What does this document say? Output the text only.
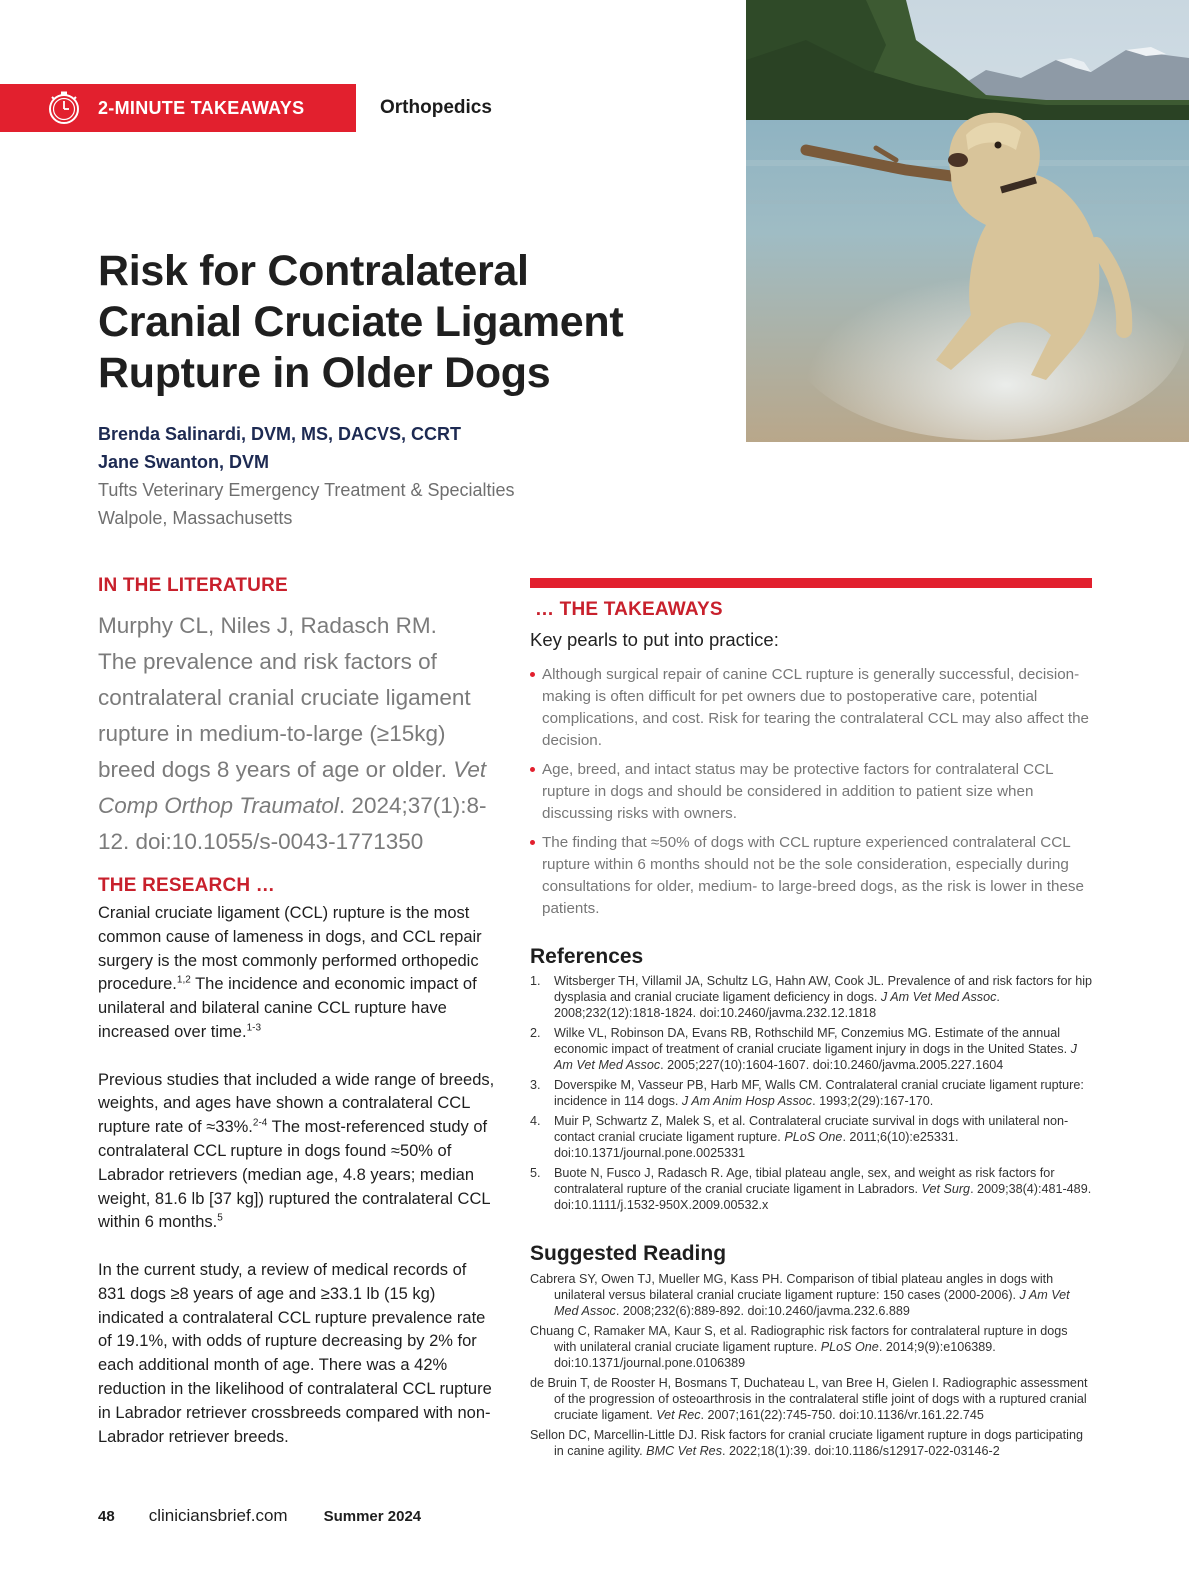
2-MINUTE TAKEAWAYS	Orthopedics
Risk for Contralateral Cranial Cruciate Ligament Rupture in Older Dogs
Brenda Salinardi, DVM, MS, DACVS, CCRT
Jane Swanton, DVM
Tufts Veterinary Emergency Treatment & Specialties
Walpole, Massachusetts
IN THE LITERATURE
Murphy CL, Niles J, Radasch RM.
The prevalence and risk factors of contralateral cranial cruciate ligament rupture in medium-to-large (≥15kg) breed dogs 8 years of age or older. Vet Comp Orthop Traumatol. 2024;37(1):8-12. doi:10.1055/s-0043-1771350
THE RESEARCH …

Cranial cruciate ligament (CCL) rupture is the most common cause of lameness in dogs, and CCL repair surgery is the most commonly performed orthopedic procedure.$^{1,2}$ The incidence and economic impact of unilateral and bilateral canine CCL rupture have increased over time.$^{1-3}$

Previous studies that included a wide range of breeds, weights, and ages have shown a contralateral CCL rupture rate of ≈33%.$^{2-4}$ The most-referenced study of contralateral CCL rupture in dogs found ≈50% of Labrador retrievers (median age, 4.8 years; median weight, 81.6 lb [37 kg]) ruptured the contralateral CCL within 6 months.$^5$

In the current study, a review of medical records of 831 dogs ≥8 years of age and ≥33.1 lb (15 kg) indicated a contralateral CCL rupture prevalence rate of 19.1%, with odds of rupture decreasing by 2% for each additional month of age. There was a 42% reduction in the likelihood of contralateral CCL rupture in Labrador retriever crossbreeds compared with non-Labrador retriever breeds.

… THE TAKEAWAYS
Key pearls to put into practice:
Although surgical repair of canine CCL rupture is generally successful, decision-making is often difficult for pet owners due to postoperative care, potential complications, and cost. Risk for tearing the contralateral CCL may also affect the decision.
Age, breed, and intact status may be protective factors for contralateral CCL rupture in dogs and should be considered in addition to patient size when discussing risks with owners.
The finding that ≈50% of dogs with CCL rupture experienced contralateral CCL rupture within 6 months should not be the sole consideration, especially during consultations for older, medium- to large-breed dogs, as the risk is lower in these patients.
References
1. Witsberger TH, Villamil JA, Schultz LG, Hahn AW, Cook JL. Prevalence of and risk factors for hip dysplasia and cranial cruciate ligament deficiency in dogs. J Am Vet Med Assoc. 2008;232(12):1818-1824. doi:10.2460/javma.232.12.1818
2. Wilke VL, Robinson DA, Evans RB, Rothschild MF, Conzemius MG. Estimate of the annual economic impact of treatment of cranial cruciate ligament injury in dogs in the United States. J Am Vet Med Assoc. 2005;227(10):1604-1607. doi:10.2460/javma.2005.227.1604
3. Doverspike M, Vasseur PB, Harb MF, Walls CM. Contralateral cranial cruciate ligament rupture: incidence in 114 dogs. J Am Anim Hosp Assoc. 1993;2(29):167-170.
4. Muir P, Schwartz Z, Malek S, et al. Contralateral cruciate survival in dogs with unilateral non-contact cranial cruciate ligament rupture. PLoS One. 2011;6(10):e25331. doi:10.1371/journal.pone.0025331
5. Buote N, Fusco J, Radasch R. Age, tibial plateau angle, sex, and weight as risk factors for contralateral rupture of the cranial cruciate ligament in Labradors. Vet Surg. 2009;38(4):481-489. doi:10.1111/j.1532-950X.2009.00532.x
Suggested Reading
Cabrera SY, Owen TJ, Mueller MG, Kass PH. Comparison of tibial plateau angles in dogs with unilateral versus bilateral cranial cruciate ligament rupture: 150 cases (2000-2006). J Am Vet Med Assoc. 2008;232(6):889-892. doi:10.2460/javma.232.6.889
Chuang C, Ramaker MA, Kaur S, et al. Radiographic risk factors for contralateral rupture in dogs with unilateral cranial cruciate ligament rupture. PLoS One. 2014;9(9):e106389. doi:10.1371/journal.pone.0106389
de Bruin T, de Rooster H, Bosmans T, Duchateau L, van Bree H, Gielen I. Radiographic assessment of the progression of osteoarthrosis in the contralateral stifle joint of dogs with a ruptured cranial cruciate ligament. Vet Rec. 2007;161(22):745-750. doi:10.1136/vr.161.22.745
Sellon DC, Marcellin-Little DJ. Risk factors for cranial cruciate ligament rupture in dogs participating in canine agility. BMC Vet Res. 2022;18(1):39. doi:10.1186/s12917-022-03146-2
48 cliniciansbrief.com Summer 2024
